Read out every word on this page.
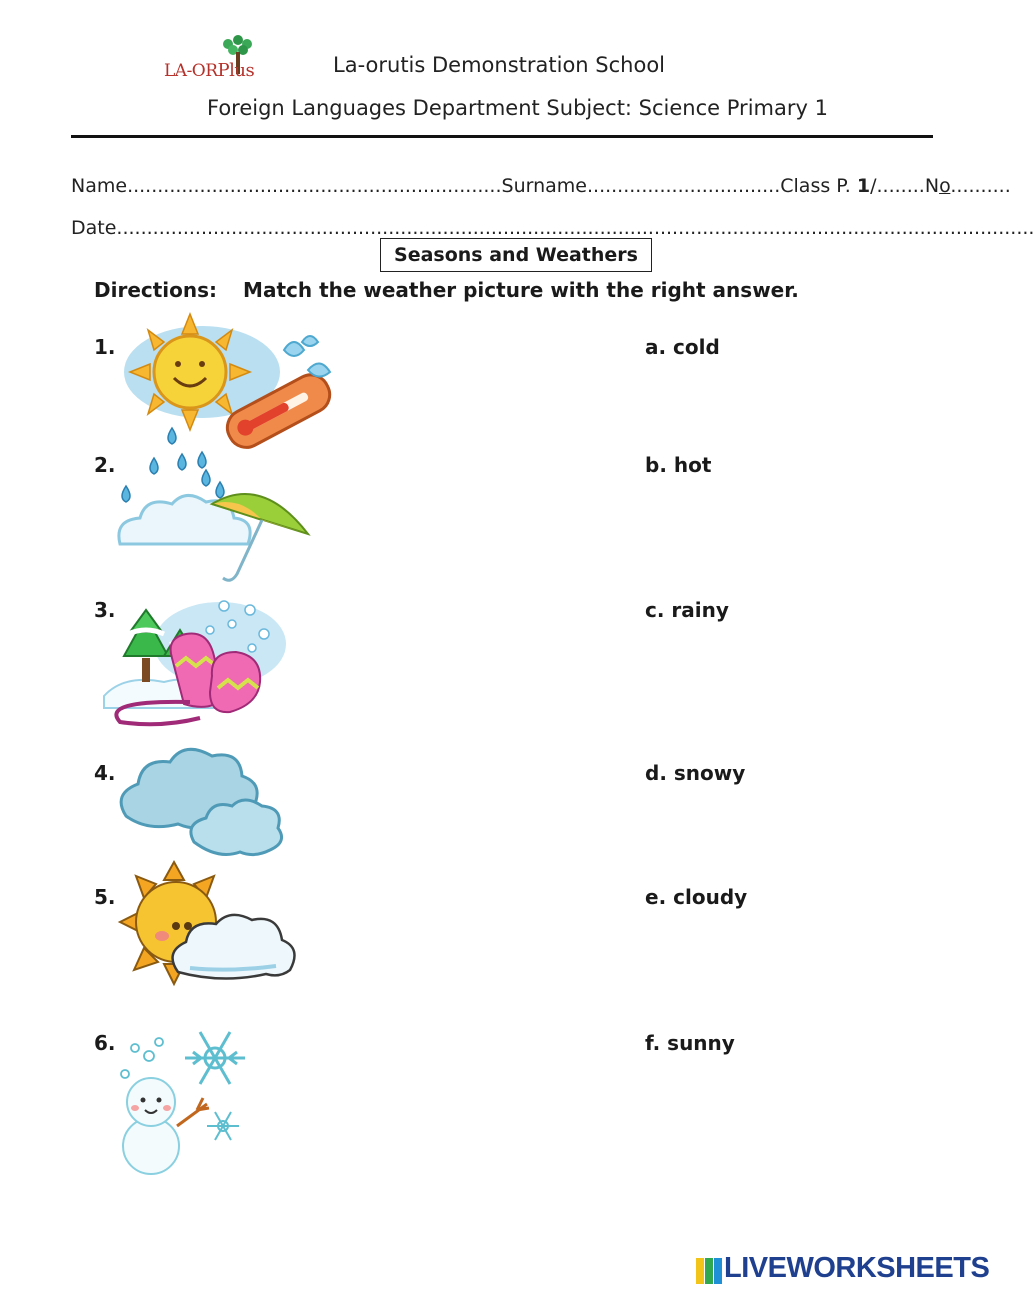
LA-ORPlus	La-orutis Demonstration School
Foreign Languages Department Subject: Science Primary 1
Name..............................................................Surname................................Class P. 1/........No..........
Date........................................................................................................................................................
Seasons and Weathers
Directions: Match the weather picture with the right answer.
1.
2.
3.
4.
5.
6.
a. cold
b. hot
c. rainy
d. snowy
e. cloudy
f. sunny
LIVEWORKSHEETS
